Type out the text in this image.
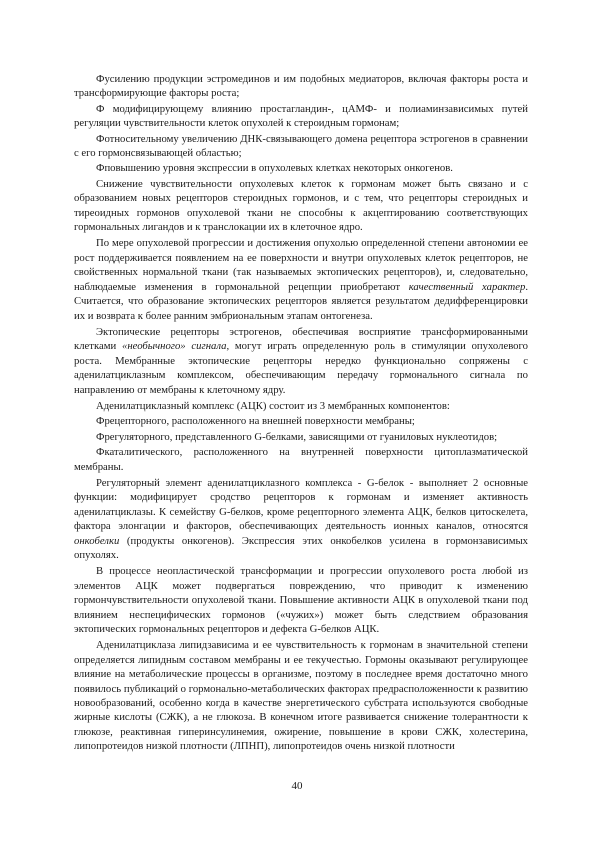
Фусилению продукции эстромединов и им подобных медиаторов, включая факторы роста и трансформирующие факторы роста;

Ф модифицирующему влиянию простагландин-, цАМФ- и полиаминзависимых путей регуляции чувствительности клеток опухолей к стероидным гормонам;

Фотносительному увеличению ДНК-связывающего домена рецептора эстрогенов в сравнении с его гормонсвязывающей областью;

Фповышению уровня экспрессии в опухолевых клетках некоторых онкогенов.

Снижение чувствительности опухолевых клеток к гормонам может быть связано и с образованием новых рецепторов стероидных гормонов, и с тем, что рецепторы стероидных и тиреоидных гормонов опухолевой ткани не способны к акцептированию соответствующих гормональных лигандов и к транслокации их в клеточное ядро.

По мере опухолевой прогрессии и достижения опухолью определенной степени автономии ее рост поддерживается появлением на ее поверхности и внутри опухолевых клеток рецепторов, не свойственных нормальной ткани (так называемых эктопических рецепторов), и, следовательно, наблюдаемые изменения в гормональной рецепции приобретают качественный характер. Считается, что образование эктопических рецепторов является результатом дедифференцировки их и возврата к более ранним эмбриональным этапам онтогенеза.

Эктопические рецепторы эстрогенов, обеспечивая восприятие трансформированными клетками «необычного» сигнала, могут играть определенную роль в стимуляции опухолевого роста. Мембранные эктопические рецепторы нередко функционально сопряжены с аденилатциклазным комплексом, обеспечивающим передачу гормонального сигнала по направлению от мембраны к клеточному ядру.

Аденилатциклазный комплекс (АЦК) состоит из 3 мембранных компонентов:

Фрецепторного, расположенного на внешней поверхности мембраны;

Фрегуляторного, представленного G-белками, зависящими от гуаниловых нуклеотидов;

Фкаталитического, расположенного на внутренней поверхности цитоплазматической мембраны.

Регуляторный элемент аденилатциклазного комплекса - G-белок - выполняет 2 основные функции: модифицирует сродство рецепторов к гормонам и изменяет активность аденилатциклазы. К семейству G-белков, кроме рецепторного элемента АЦК, белков цитоскелета, фактора элонгации и факторов, обеспечивающих деятельность ионных каналов, относятся онкобелки (продукты онкогенов). Экспрессия этих онкобелков усилена в гормонзависимых опухолях.

В процессе неопластической трансформации и прогрессии опухолевого роста любой из элементов АЦК может подвергаться повреждению, что приводит к изменению гормончувствительности опухолевой ткани. Повышение активности АЦК в опухолевой ткани под влиянием неспецифических гормонов («чужих») может быть следствием образования эктопических гормональных рецепторов и дефекта G-белков АЦК.

Аденилатциклаза липидзависима и ее чувствительность к гормонам в значительной степени определяется липидным составом мембраны и ее текучестью. Гормоны оказывают регулирующее влияние на метаболические процессы в организме, поэтому в последнее время достаточно много появилось публикаций о гормонально-метаболических факторах предрасположенности к развитию новообразований, особенно когда в качестве энергетического субстрата используются свободные жирные кислоты (СЖК), а не глюкоза. В конечном итоге развивается снижение толерантности к глюкозе, реактивная гиперинсулинемия, ожирение, повышение в крови СЖК, холестерина, липопротеидов низкой плотности (ЛПНП), липопротеидов очень низкой плотности

40
